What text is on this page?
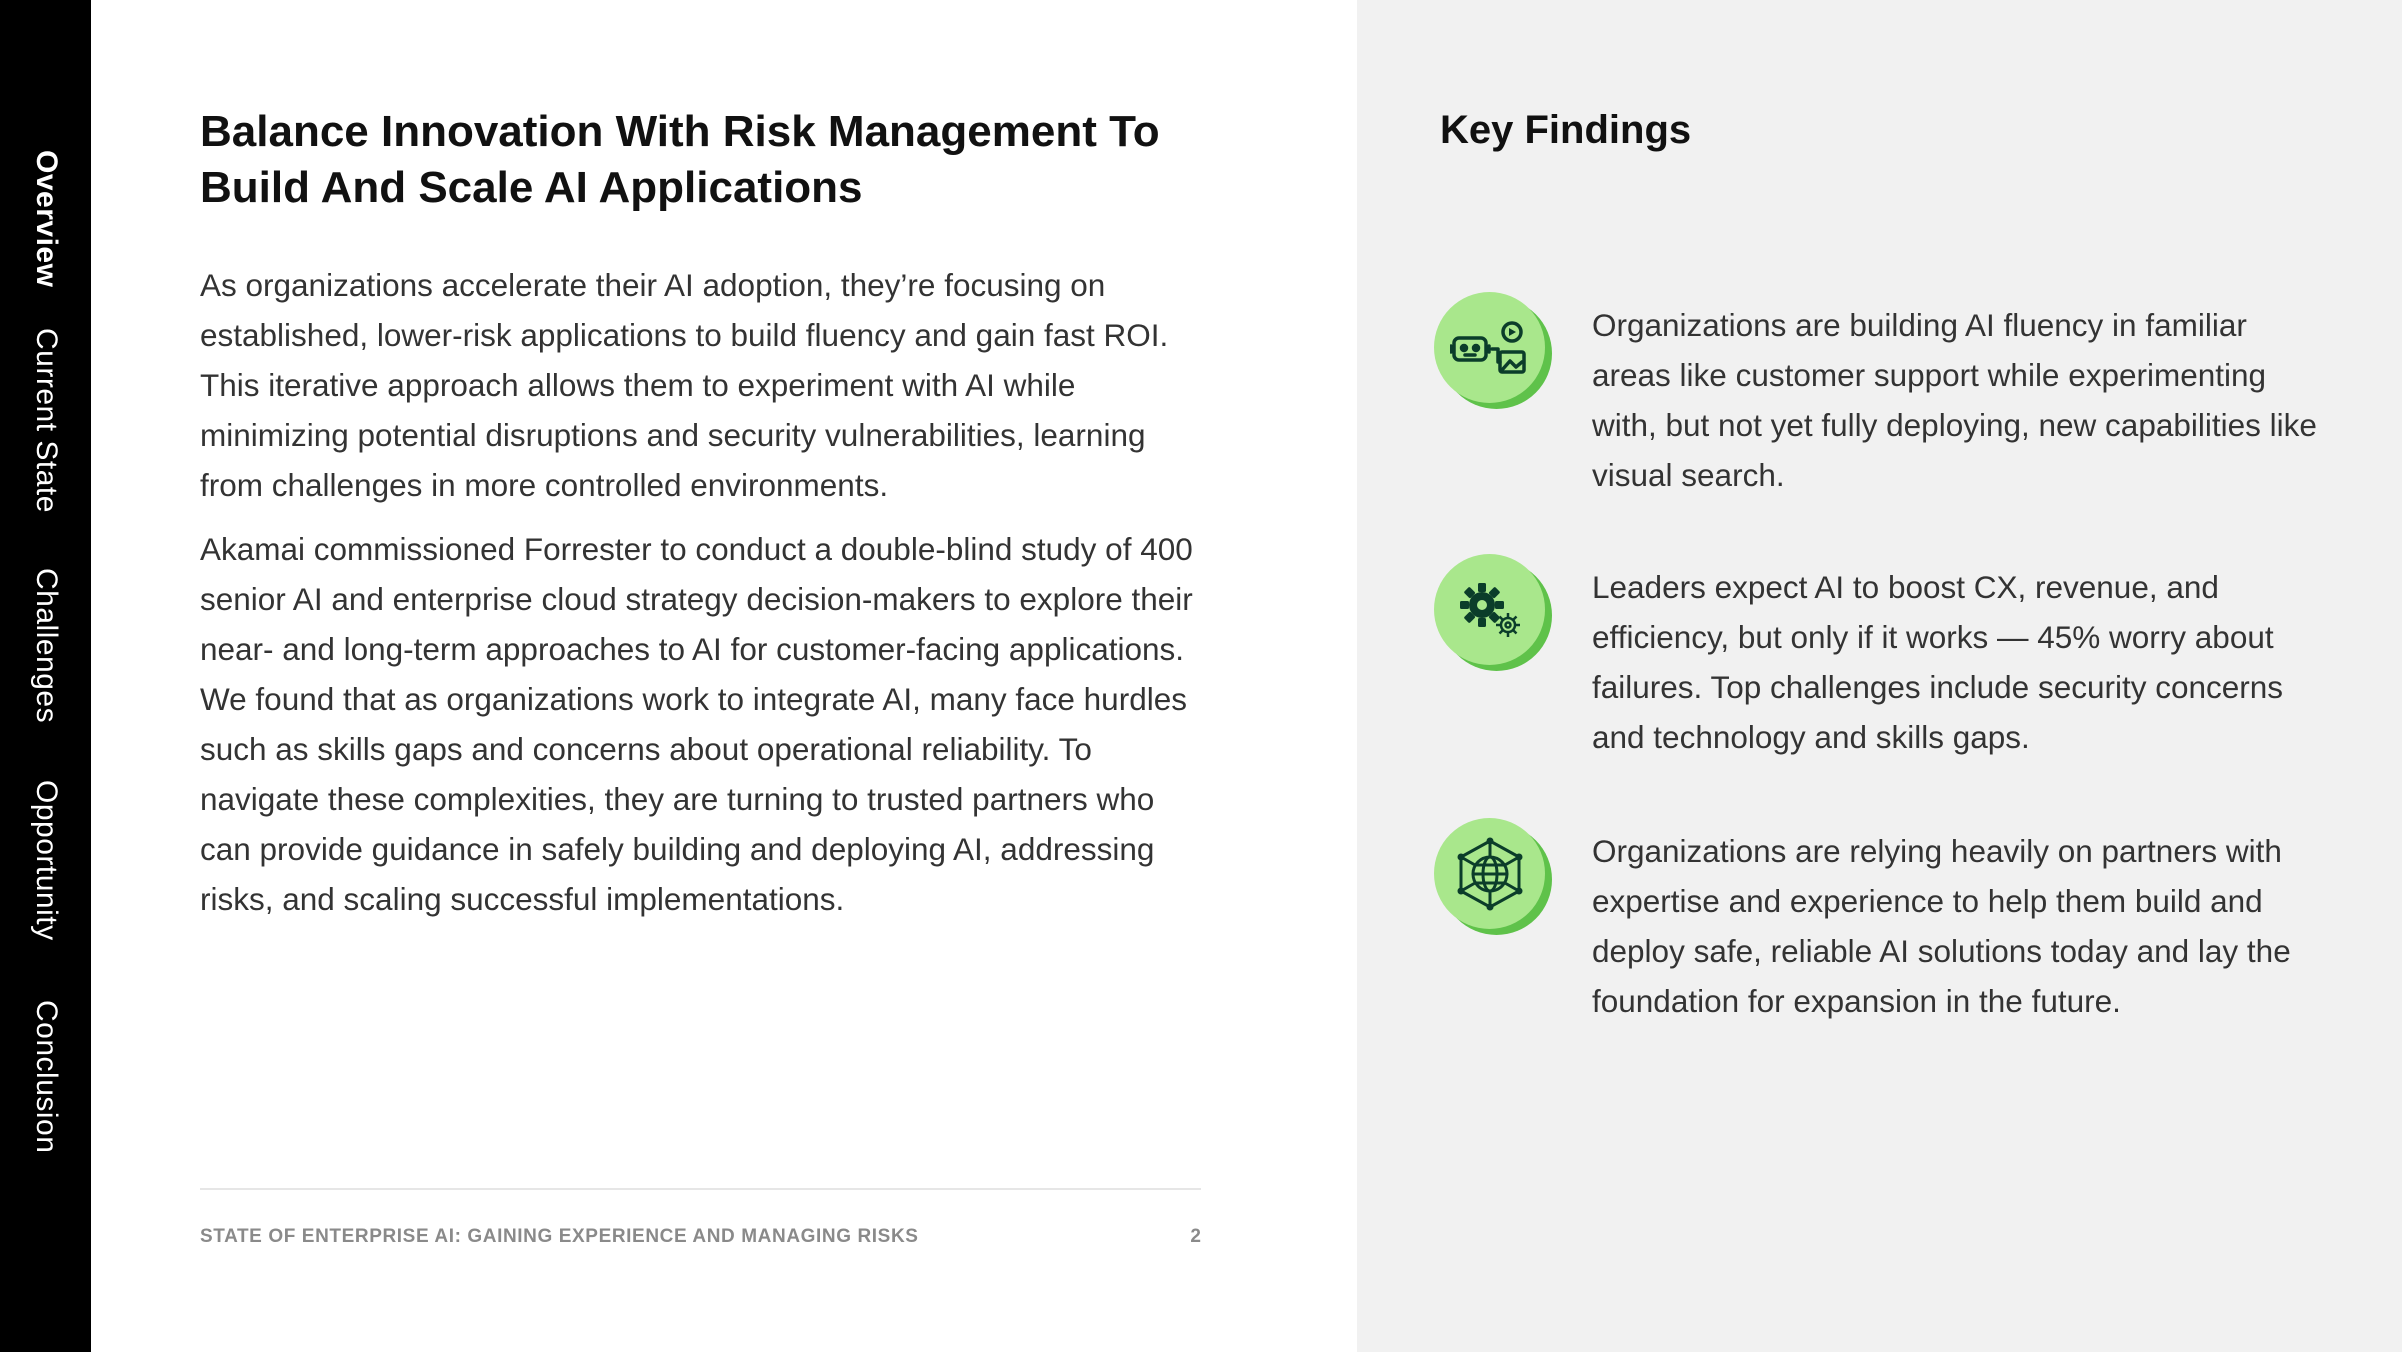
Overview
Current State
Challenges
Opportunity
Conclusion
Balance Innovation With Risk Management To Build And Scale AI Applications

As organizations accelerate their AI adoption, they’re focusing on established, lower-risk applications to build fluency and gain fast ROI. This iterative approach allows them to experiment with AI while minimizing potential disruptions and security vulnerabilities, learning from challenges in more controlled environments.

Akamai commissioned Forrester to conduct a double-blind study of 400 senior AI and enterprise cloud strategy decision-makers to explore their near- and long-term approaches to AI for customer-facing applications. We found that as organizations work to integrate AI, many face hurdles such as skills gaps and concerns about operational reliability. To navigate these complexities, they are turning to trusted partners who can provide guidance in safely building and deploying AI, addressing risks, and scaling successful implementations.

STATE OF ENTERPRISE AI: GAINING EXPERIENCE AND MANAGING RISKS	2
Key Findings

Organizations are building AI fluency in familiar areas like customer support while experimenting with, but not yet fully deploying, new capabilities like visual search.

Leaders expect AI to boost CX, revenue, and efficiency, but only if it works — 45% worry about failures. Top challenges include security concerns and technology and skills gaps.

Organizations are relying heavily on partners with expertise and experience to help them build and deploy safe, reliable AI solutions today and lay the foundation for expansion in the future.
